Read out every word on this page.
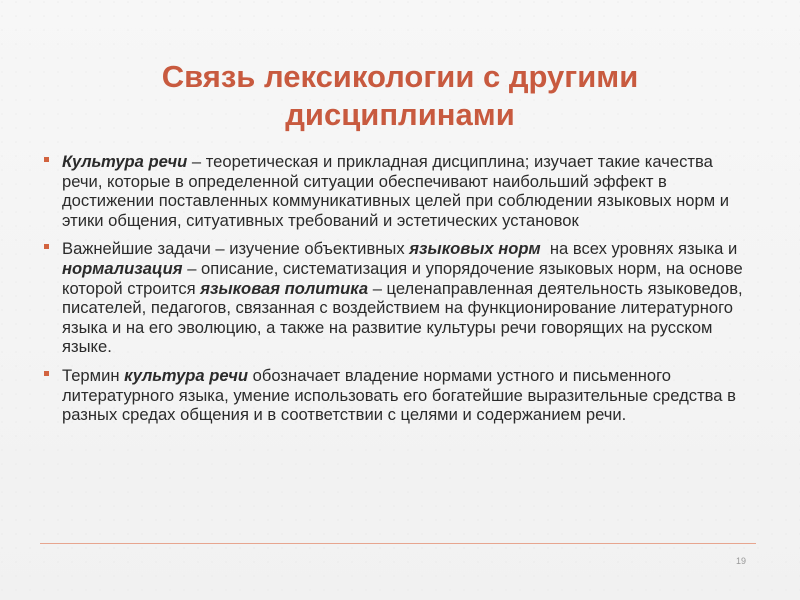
Связь лексикологии с другими
дисциплинами
Культура речи – теоретическая и прикладная дисциплина; изучает такие качества речи, которые в определенной ситуации обеспечивают наибольший эффект в достижении поставленных коммуникативных целей при соблюдении языковых норм и этики общения, ситуативных требований и эстетических установок
Важнейшие задачи – изучение объективных языковых норм  на всех уровнях языка и нормализация – описание, систематизация и упорядочение языковых норм, на основе которой строится языковая политика – целенаправленная деятельность языковедов, писателей, педагогов, связанная с воздействием на функционирование литературного языка и на его эволюцию, а также на развитие культуры речи говорящих на русском языке.
Термин культура речи обозначает владение нормами устного и письменного литературного языка, умение использовать его богатейшие выразительные средства в разных средах общения и в соответствии с целями и содержанием речи.
19
